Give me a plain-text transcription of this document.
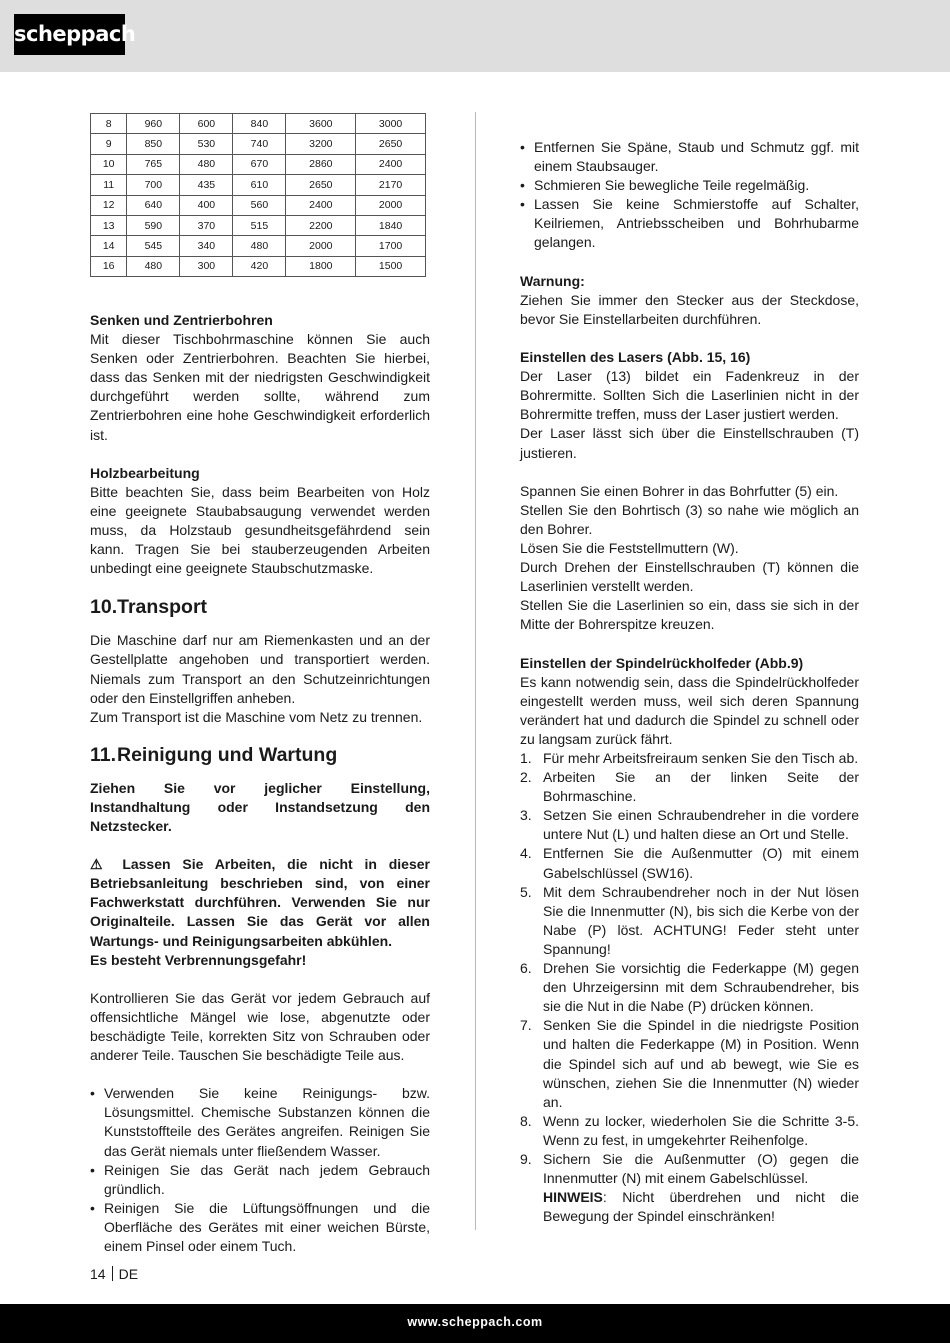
scheppach
8	960	600	840	3600	3000
9	850	530	740	3200	2650
10	765	480	670	2860	2400
11	700	435	610	2650	2170
12	640	400	560	2400	2000
13	590	370	515	2200	1840
14	545	340	480	2000	1700
16	480	300	420	1800	1500

Senken und Zentrierbohren

Mit dieser Tischbohrmaschine können Sie auch Senken oder Zentrierbohren. Beachten Sie hierbei, dass das Senken mit der niedrigsten Geschwindigkeit durchgeführt werden sollte, während zum Zentrierbohren eine hohe Geschwindigkeit erforderlich ist.

Holzbearbeitung

Bitte beachten Sie, dass beim Bearbeiten von Holz eine geeignete Staubabsaugung verwendet werden muss, da Holzstaub gesundheitsgefährdend sein kann. Tragen Sie bei stauberzeugenden Arbeiten unbedingt eine geeignete Staubschutzmaske.

10.Transport

Die Maschine darf nur am Riemenkasten und an der Gestellplatte angehoben und transportiert werden. Niemals zum Transport an den Schutzeinrichtungen oder den Einstellgriffen anheben.

Zum Transport ist die Maschine vom Netz zu trennen.

11.Reinigung und Wartung

Ziehen Sie vor jeglicher Einstellung, Instandhaltung oder Instandsetzung den Netzstecker.

⚠ Lassen Sie Arbeiten, die nicht in dieser Betriebsanleitung beschrieben sind, von einer Fachwerkstatt durchführen. Verwenden Sie nur Originalteile. Lassen Sie das Gerät vor allen Wartungs- und Reinigungsarbeiten abkühlen.

Es besteht Verbrennungsgefahr!

Kontrollieren Sie das Gerät vor jedem Gebrauch auf offensichtliche Mängel wie lose, abgenutzte oder beschädigte Teile, korrekten Sitz von Schrauben oder anderer Teile. Tauschen Sie beschädigte Teile aus.

• Verwenden Sie keine Reinigungs- bzw. Lösungsmittel. Chemische Substanzen können die Kunststoffteile des Gerätes angreifen. Reinigen Sie das Gerät niemals unter fließendem Wasser.
• Reinigen Sie das Gerät nach jedem Gebrauch gründlich.
• Reinigen Sie die Lüftungsöffnungen und die Oberfläche des Gerätes mit einer weichen Bürste, einem Pinsel oder einem Tuch.
• Entfernen Sie Späne, Staub und Schmutz ggf. mit einem Staubsauger.
• Schmieren Sie bewegliche Teile regelmäßig.
• Lassen Sie keine Schmierstoffe auf Schalter, Keilriemen, Antriebsscheiben und Bohrhubarme gelangen.

Warnung:

Ziehen Sie immer den Stecker aus der Steckdose, bevor Sie Einstellarbeiten durchführen.

Einstellen des Lasers (Abb. 15, 16)

Der Laser (13) bildet ein Fadenkreuz in der Bohrermitte. Sollten Sich die Laserlinien nicht in der Bohrermitte treffen, muss der Laser justiert werden.

Der Laser lässt sich über die Einstellschrauben (T) justieren.

Spannen Sie einen Bohrer in das Bohrfutter (5) ein.

Stellen Sie den Bohrtisch (3) so nahe wie möglich an den Bohrer.

Lösen Sie die Feststellmuttern (W).

Durch Drehen der Einstellschrauben (T) können die Laserlinien verstellt werden.

Stellen Sie die Laserlinien so ein, dass sie sich in der Mitte der Bohrerspitze kreuzen.

Einstellen der Spindelrückholfeder (Abb.9)

Es kann notwendig sein, dass die Spindelrückholfeder eingestellt werden muss, weil sich deren Spannung verändert hat und dadurch die Spindel zu schnell oder zu langsam zurück fährt.

1. Für mehr Arbeitsfreiraum senken Sie den Tisch ab.
2. Arbeiten Sie an der linken Seite der Bohrmaschine.
3. Setzen Sie einen Schraubendreher in die vordere untere Nut (L) und halten diese an Ort und Stelle.
4. Entfernen Sie die Außenmutter (O) mit einem Gabelschlüssel (SW16).
5. Mit dem Schraubendreher noch in der Nut lösen Sie die Innenmutter (N), bis sich die Kerbe von der Nabe (P) löst. ACHTUNG! Feder steht unter Spannung!
6. Drehen Sie vorsichtig die Federkappe (M) gegen den Uhrzeigersinn mit dem Schraubendreher, bis sie die Nut in die Nabe (P) drücken können.
7. Senken Sie die Spindel in die niedrigste Position und halten die Federkappe (M) in Position. Wenn die Spindel sich auf und ab bewegt, wie Sie es wünschen, ziehen Sie die Innenmutter (N) wieder an.
8. Wenn zu locker, wiederholen Sie die Schritte 3-5. Wenn zu fest, in umgekehrter Reihenfolge.
9. Sichern Sie die Außenmutter (O) gegen die Innenmutter (N) mit einem Gabelschlüssel.
HINWEIS: Nicht überdrehen und nicht die Bewegung der Spindel einschränken!
14 DE
www.scheppach.com
